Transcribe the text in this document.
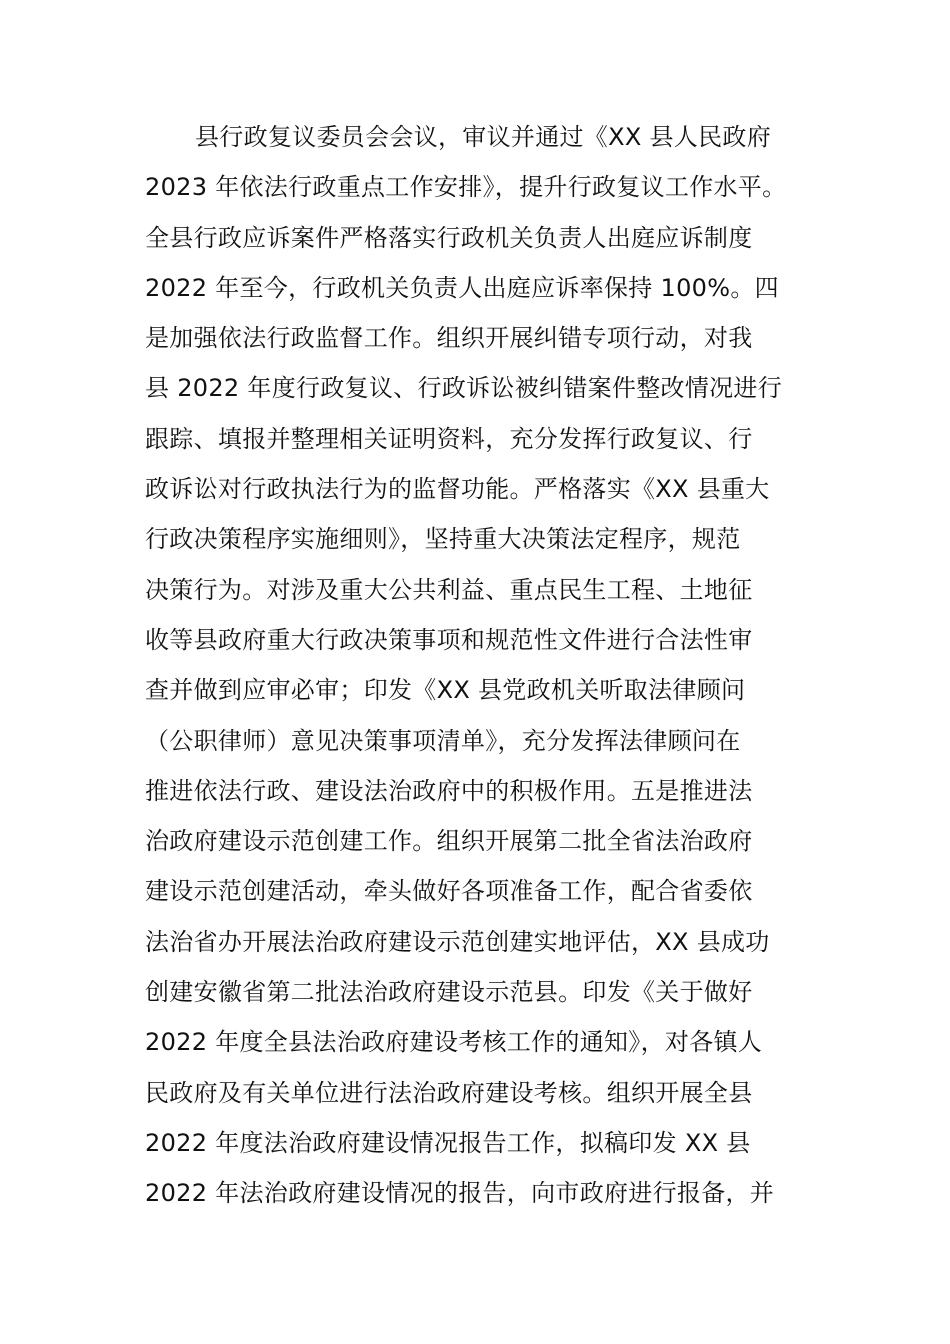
县行政复议委员会会议，审议并通过《XX 县人民政府
2023 年依法行政重点工作安排》，提升行政复议工作水平。
全县行政应诉案件严格落实行政机关负责人出庭应诉制度
2022 年至今，行政机关负责人出庭应诉率保持 100%。四
是加强依法行政监督工作。组织开展纠错专项行动，对我
县 2022 年度行政复议、行政诉讼被纠错案件整改情况进行
跟踪、填报并整理相关证明资料，充分发挥行政复议、行
政诉讼对行政执法行为的监督功能。严格落实《XX 县重大
行政决策程序实施细则》，坚持重大决策法定程序，规范
决策行为。对涉及重大公共利益、重点民生工程、土地征
收等县政府重大行政决策事项和规范性文件进行合法性审
查并做到应审必审；印发《XX 县党政机关听取法律顾问
（公职律师）意见决策事项清单》，充分发挥法律顾问在
推进依法行政、建设法治政府中的积极作用。五是推进法
治政府建设示范创建工作。组织开展第二批全省法治政府
建设示范创建活动，牵头做好各项准备工作，配合省委依
法治省办开展法治政府建设示范创建实地评估，XX 县成功
创建安徽省第二批法治政府建设示范县。印发《关于做好
2022 年度全县法治政府建设考核工作的通知》，对各镇人
民政府及有关单位进行法治政府建设考核。组织开展全县
2022 年度法治政府建设情况报告工作，拟稿印发 XX 县
2022 年法治政府建设情况的报告，向市政府进行报备，并
